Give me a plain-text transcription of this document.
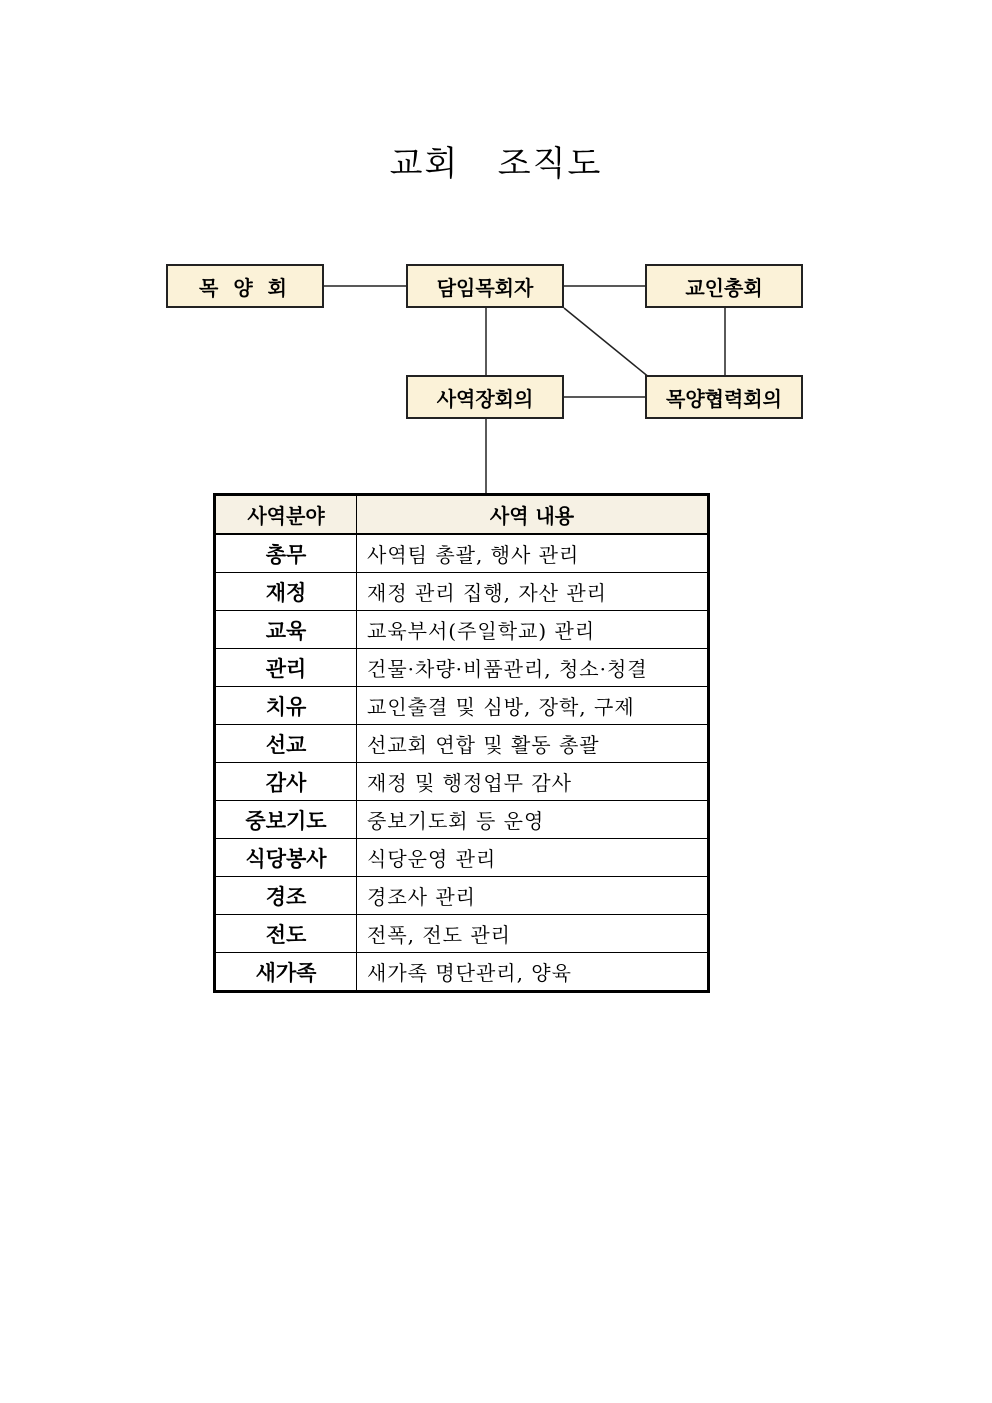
교회   조직도
목 양 회	담임목회자	교인총회
사역장회의	목양협력회의
사역분야	사역 내용
총무	사역팀 총괄, 행사 관리
재정	재정 관리 집행, 자산 관리
교육	교육부서(주일학교) 관리
관리	건물·차량·비품관리, 청소·청결
치유	교인출결 및 심방, 장학, 구제
선교	선교회 연합 및 활동 총괄
감사	재정 및 행정업무 감사
중보기도	중보기도회 등 운영
식당봉사	식당운영 관리
경조	경조사 관리
전도	전폭, 전도 관리
새가족	새가족 명단관리, 양육
